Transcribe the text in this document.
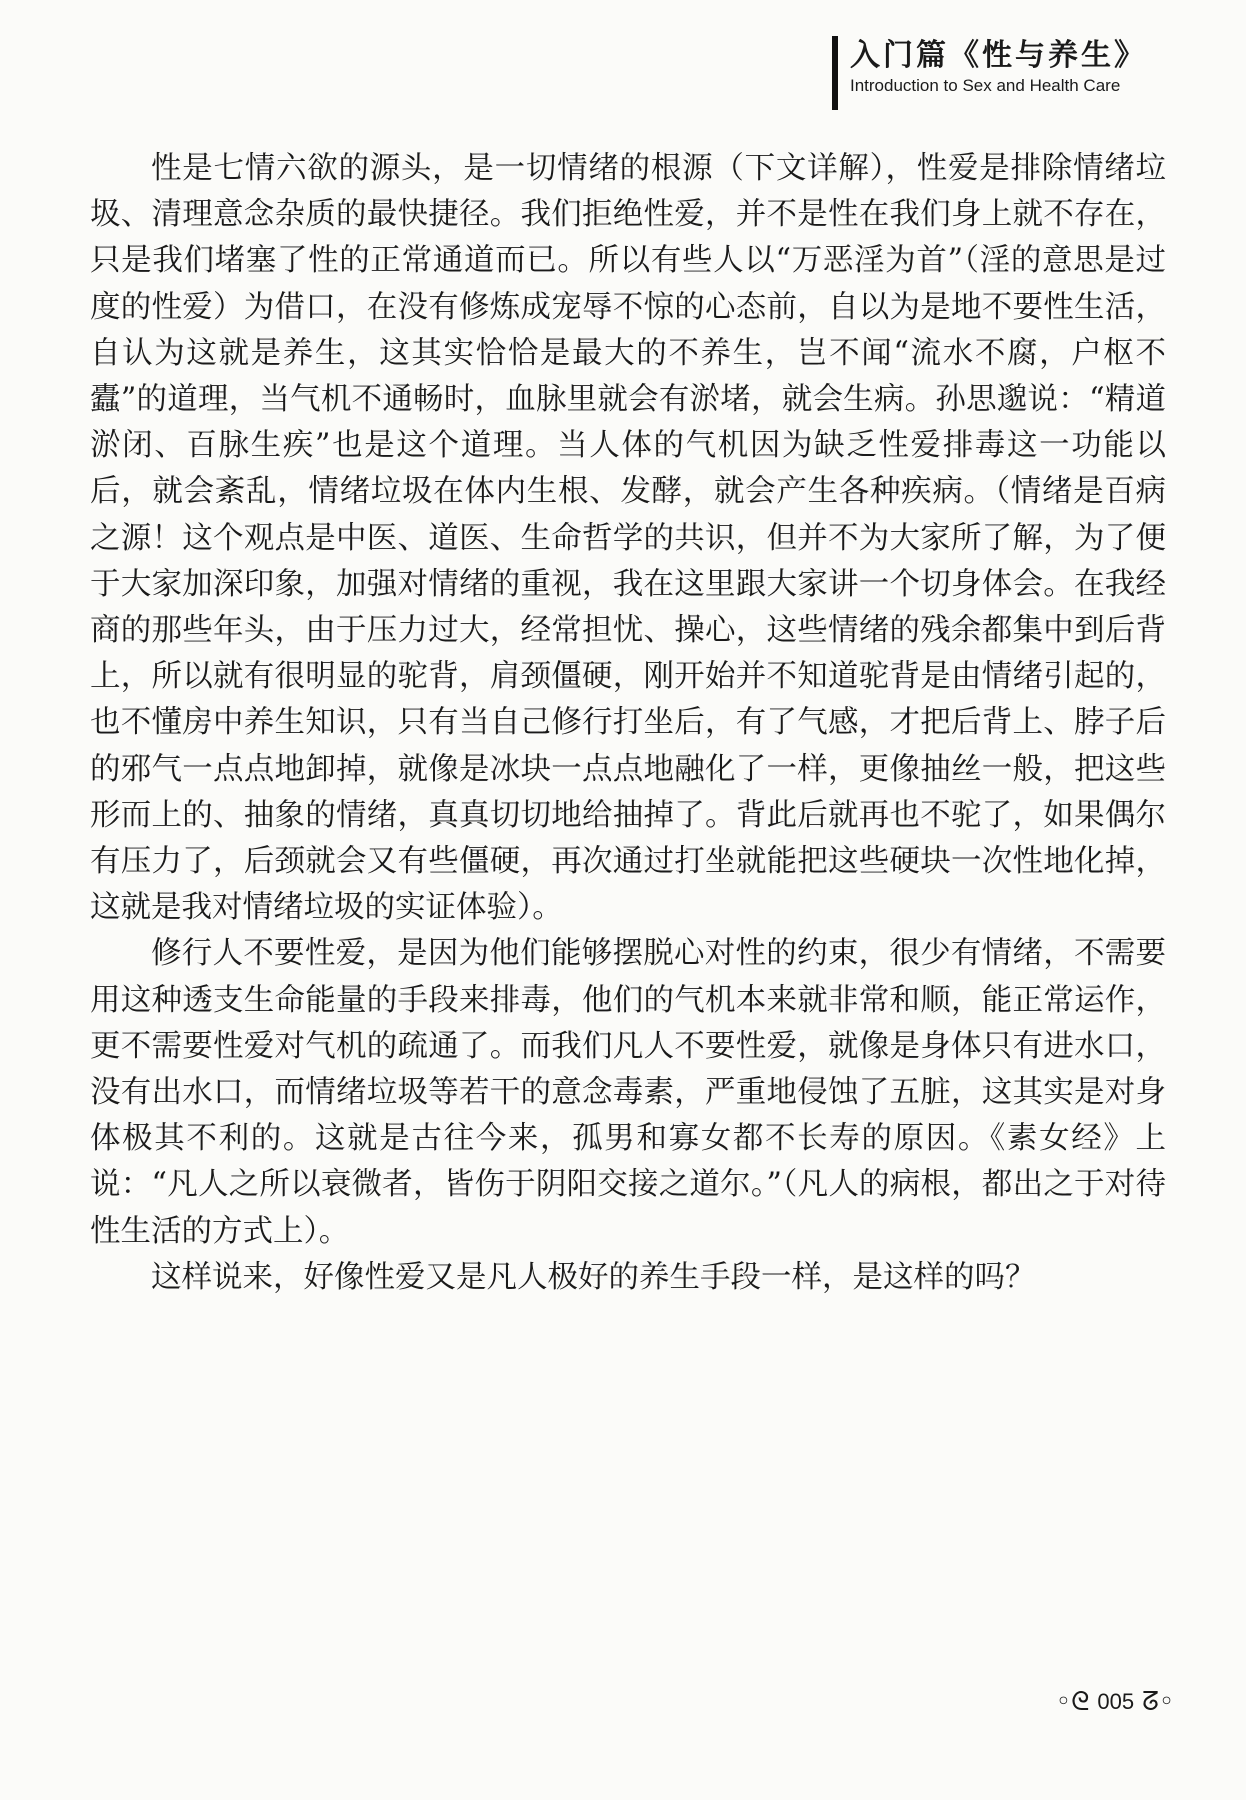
入门篇《性与养生》
Introduction to Sex and Health Care

性是七情六欲的源头，是一切情绪的根源（下文详解），性爱是排除情绪垃圾、清理意念杂质的最快捷径。我们拒绝性爱，并不是性在我们身上就不存在，只是我们堵塞了性的正常通道而已。所以有些人以“万恶淫为首”（淫的意思是过度的性爱）为借口，在没有修炼成宠辱不惊的心态前，自以为是地不要性生活，自认为这就是养生，这其实恰恰是最大的不养生，岂不闻“流水不腐，户枢不蠹”的道理，当气机不通畅时，血脉里就会有淤堵，就会生病。孙思邈说：“精道淤闭、百脉生疾”也是这个道理。当人体的气机因为缺乏性爱排毒这一功能以后，就会紊乱，情绪垃圾在体内生根、发酵，就会产生各种疾病。（情绪是百病之源！这个观点是中医、道医、生命哲学的共识，但并不为大家所了解，为了便于大家加深印象，加强对情绪的重视，我在这里跟大家讲一个切身体会。在我经商的那些年头，由于压力过大，经常担忧、操心，这些情绪的残余都集中到后背上，所以就有很明显的驼背，肩颈僵硬，刚开始并不知道驼背是由情绪引起的，也不懂房中养生知识，只有当自己修行打坐后，有了气感，才把后背上、脖子后的邪气一点点地卸掉，就像是冰块一点点地融化了一样，更像抽丝一般，把这些形而上的、抽象的情绪，真真切切地给抽掉了。背此后就再也不驼了，如果偶尔有压力了，后颈就会又有些僵硬，再次通过打坐就能把这些硬块一次性地化掉，这就是我对情绪垃圾的实证体验）。

修行人不要性爱，是因为他们能够摆脱心对性的约束，很少有情绪，不需要用这种透支生命能量的手段来排毒，他们的气机本来就非常和顺，能正常运作，更不需要性爱对气机的疏通了。而我们凡人不要性爱，就像是身体只有进水口，没有出水口，而情绪垃圾等若干的意念毒素，严重地侵蚀了五脏，这其实是对身体极其不利的。这就是古往今来，孤男和寡女都不长寿的原因。《素女经》上说：“凡人之所以衰微者，皆伤于阴阳交接之道尔。”（凡人的病根，都出之于对待性生活的方式上）。

这样说来，好像性爱又是凡人极好的养生手段一样，是这样的吗？

◦ᘓ 005 ᘔ◦
